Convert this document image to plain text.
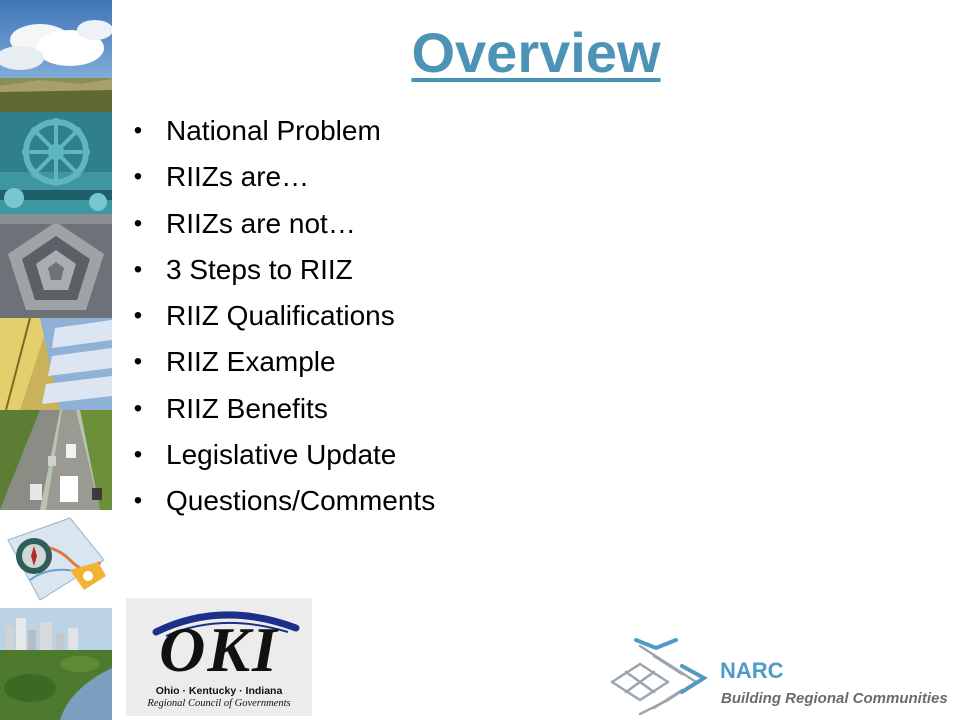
Overview
• National Problem
• RIIZs are…
• RIIZs are not…
• 3 Steps to RIIZ
• RIIZ Qualifications
• RIIZ Example
• RIIZ Benefits
• Legislative Update
• Questions/Comments
OKI
Ohio · Kentucky · Indiana
Regional Council of Governments
NARC
Building Regional Communities
